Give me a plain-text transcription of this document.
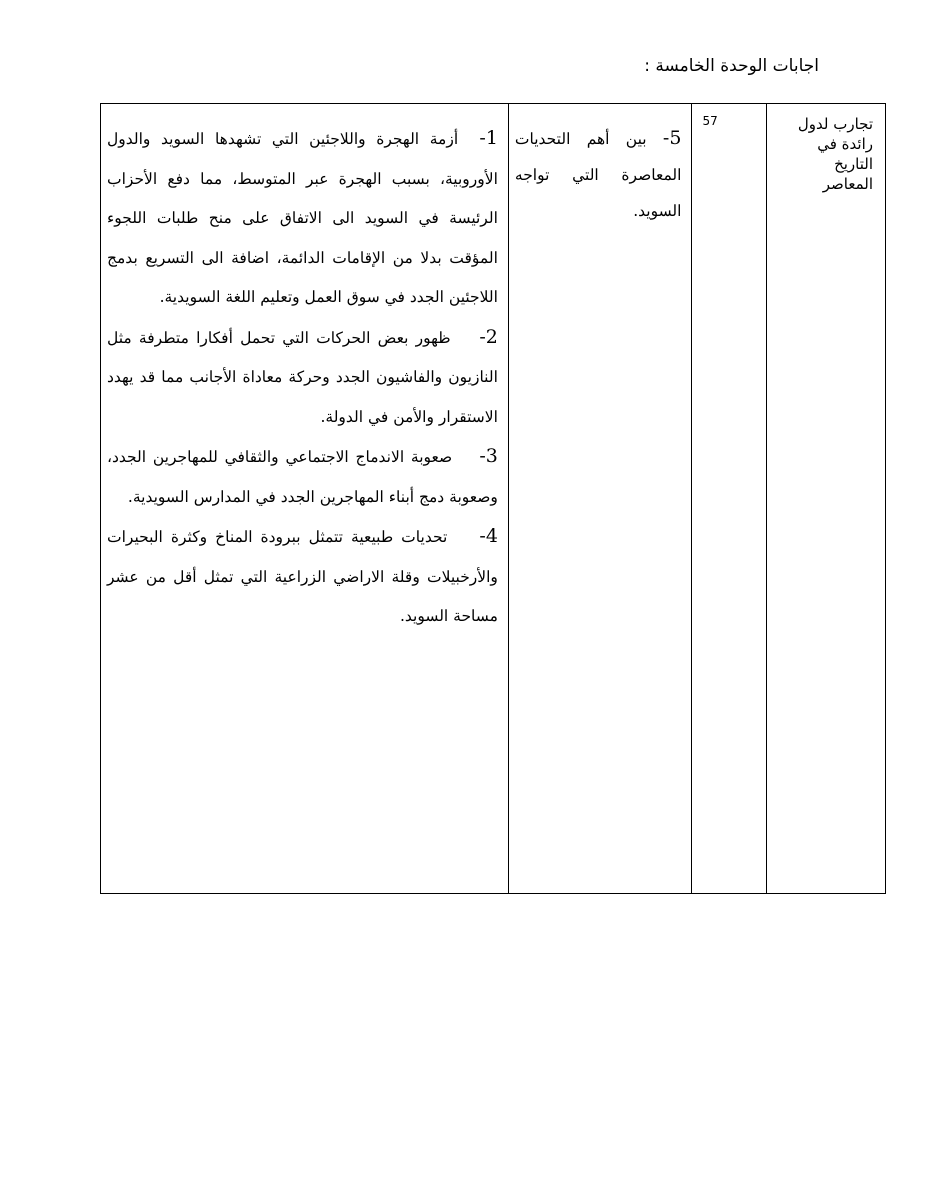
اجابات الوحدة الخامسة :
تجارب لدول رائدة في التاريخ المعاصر
57
5- بين أهم التحديات المعاصرة التي تواجه السويد.

1-  أزمة الهجرة واللاجئين التي تشهدها السويد والدول الأوروبية، بسبب الهجرة عبر المتوسط، مما دفع الأحزاب الرئيسة في السويد الى الاتفاق على منح طلبات اللجوء المؤقت بدلا من الإقامات الدائمة، اضافة الى التسريع بدمج اللاجئين الجدد في سوق العمل وتعليم اللغة السويدية.

2-    ظهور بعض الحركات التي تحمل أفكارا متطرفة مثل النازيون والفاشيون الجدد وحركة معاداة الأجانب مما قد يهدد الاستقرار والأمن في الدولة.

3-    صعوبة الاندماج الاجتماعي والثقافي للمهاجرين الجدد، وصعوبة دمج أبناء المهاجرين الجدد في المدارس السويدية.

4-    تحديات طبيعية تتمثل ببرودة المناخ وكثرة البحيرات والأرخبيلات وقلة الاراضي الزراعية التي تمثل أقل من عشر مساحة السويد.
